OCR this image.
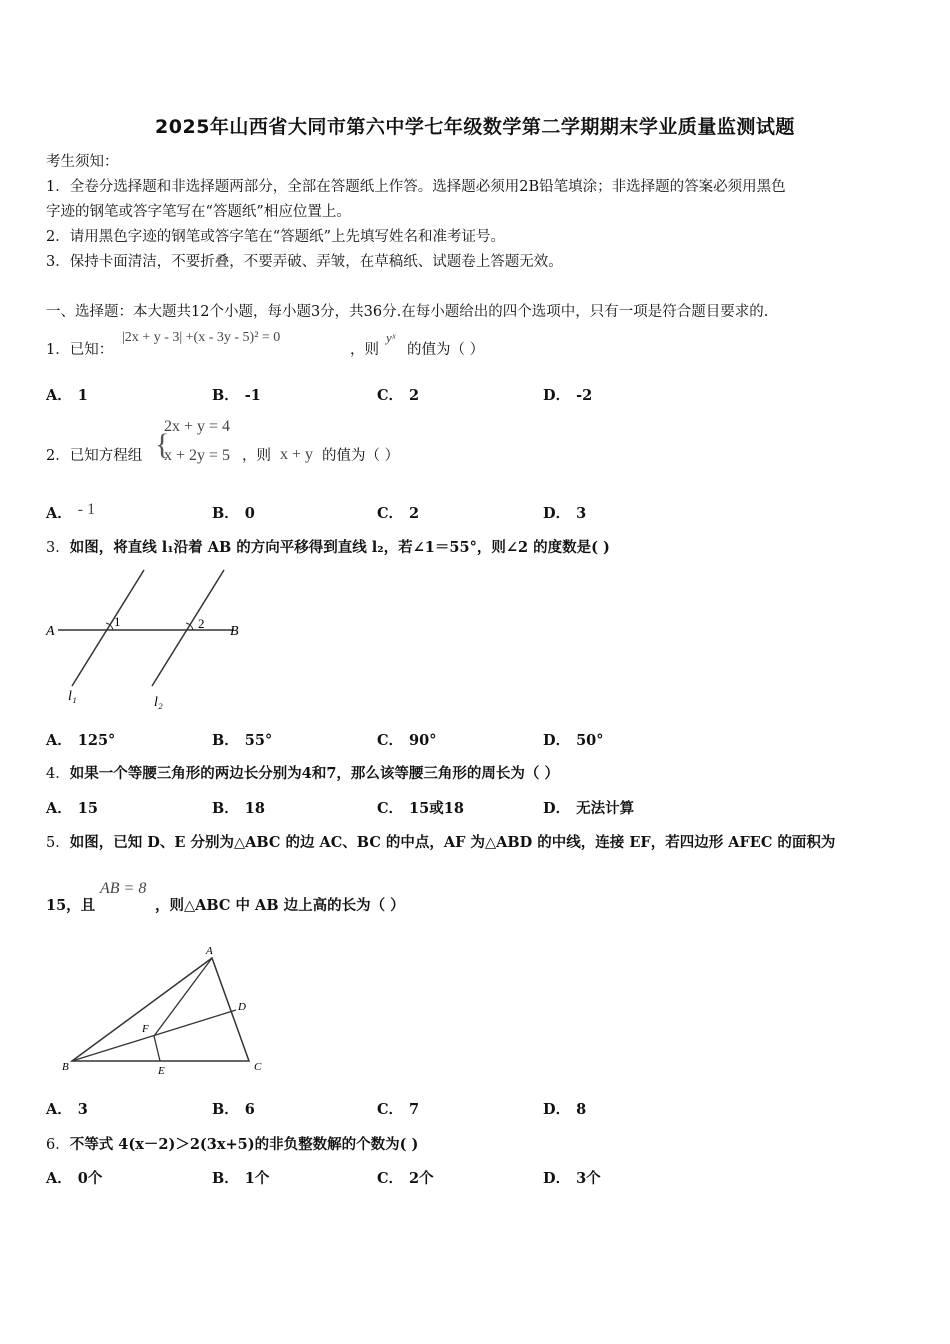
2025年山西省大同市第六中学七年级数学第二学期期末学业质量监测试题
考生须知：
1．全卷分选择题和非选择题两部分，全部在答题纸上作答。选择题必须用2B铅笔填涂；非选择题的答案必须用黑色
字迹的钢笔或答字笔写在“答题纸”相应位置上。
2．请用黑色字迹的钢笔或答字笔在“答题纸”上先填写姓名和准考证号。
3．保持卡面清洁，不要折叠，不要弄破、弄皱，在草稿纸、试题卷上答题无效。
一、选择题：本大题共12个小题，每小题3分，共36分.在每小题给出的四个选项中，只有一项是符合题目要求的.
1．已知：
|2x + y - 3| +(x - 3y - 5)² = 0
，则
yˣ
的值为（ ）
A． 1	B． -1	C． 2	D． -2
2．已知方程组 {
2x + y = 4
x + 2y = 5 ，则 x + y 的值为（ ）
A． - 1	B． 0	C． 2	D． 3
3．如图，将直线 l₁沿着 AB 的方向平移得到直线 l₂，若∠1＝55°，则∠2 的度数是( )
A	B
1	2
l₁	l₂
A． 125°	B． 55°	C． 90°	D． 50°
4．如果一个等腰三角形的两边长分别为4和7，那么该等腰三角形的周长为（ ）
A． 15	B． 18	C． 15或18	D． 无法计算
5．如图，已知 D、E 分别为△ABC 的边 AC、BC 的中点，AF 为△ABD 的中线，连接 EF，若四边形 AFEC 的面积为
15，且
AB = 8
，则△ABC 中 AB 边上高的长为（ ）
A
B	C
D
E
F
A． 3	B． 6	C． 7	D． 8
6．不等式 4(x－2)＞2(3x+5)的非负整数解的个数为( )
A． 0个	B． 1个	C． 2个	D． 3个
